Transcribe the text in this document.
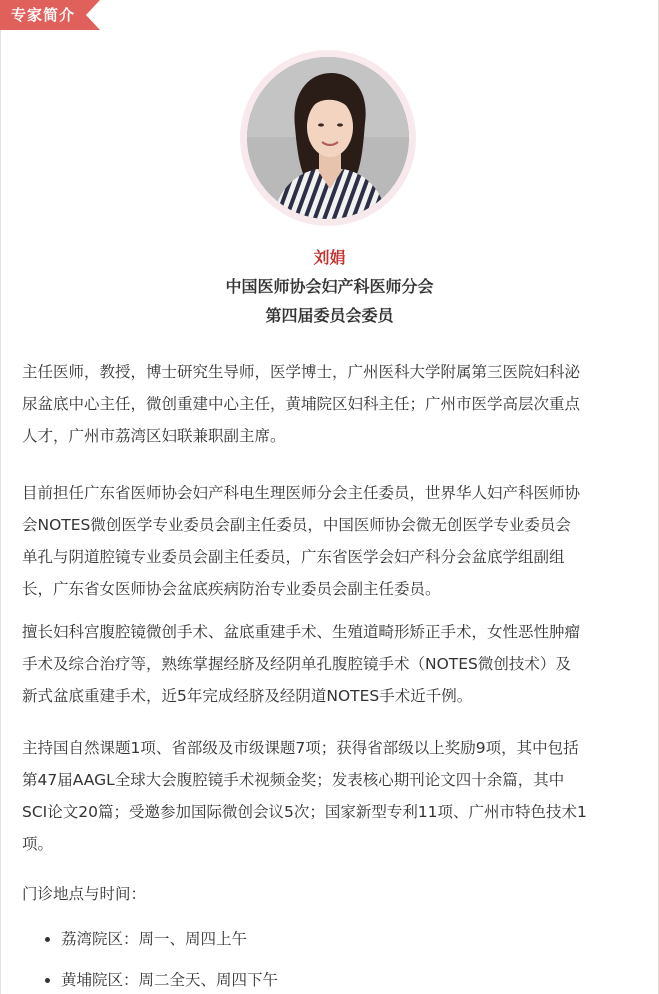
专家简介
刘娟
中国医师协会妇产科医师分会
第四届委员会委员
主任医师，教授，博士研究生导师，医学博士，广州医科大学附属第三医院妇科泌
尿盆底中心主任，微创重建中心主任，黄埔院区妇科主任；广州市医学高层次重点
人才，广州市荔湾区妇联兼职副主席。
目前担任广东省医师协会妇产科电生理医师分会主任委员，世界华人妇产科医师协
会NOTES微创医学专业委员会副主任委员，中国医师协会微无创医学专业委员会
单孔与阴道腔镜专业委员会副主任委员，广东省医学会妇产科分会盆底学组副组
长，广东省女医师协会盆底疾病防治专业委员会副主任委员。
擅长妇科宫腹腔镜微创手术、盆底重建手术、生殖道畸形矫正手术，女性恶性肿瘤
手术及综合治疗等，熟练掌握经脐及经阴单孔腹腔镜手术（NOTES微创技术）及
新式盆底重建手术，近5年完成经脐及经阴道NOTES手术近千例。
主持国自然课题1项、省部级及市级课题7项；获得省部级以上奖励9项，其中包括
第47届AAGL全球大会腹腔镜手术视频金奖；发表核心期刊论文四十余篇，其中
SCI论文20篇；受邀参加国际微创会议5次；国家新型专利11项、广州市特色技术1
项。
门诊地点与时间：
荔湾院区：周一、周四上午
黄埔院区：周二全天、周四下午
